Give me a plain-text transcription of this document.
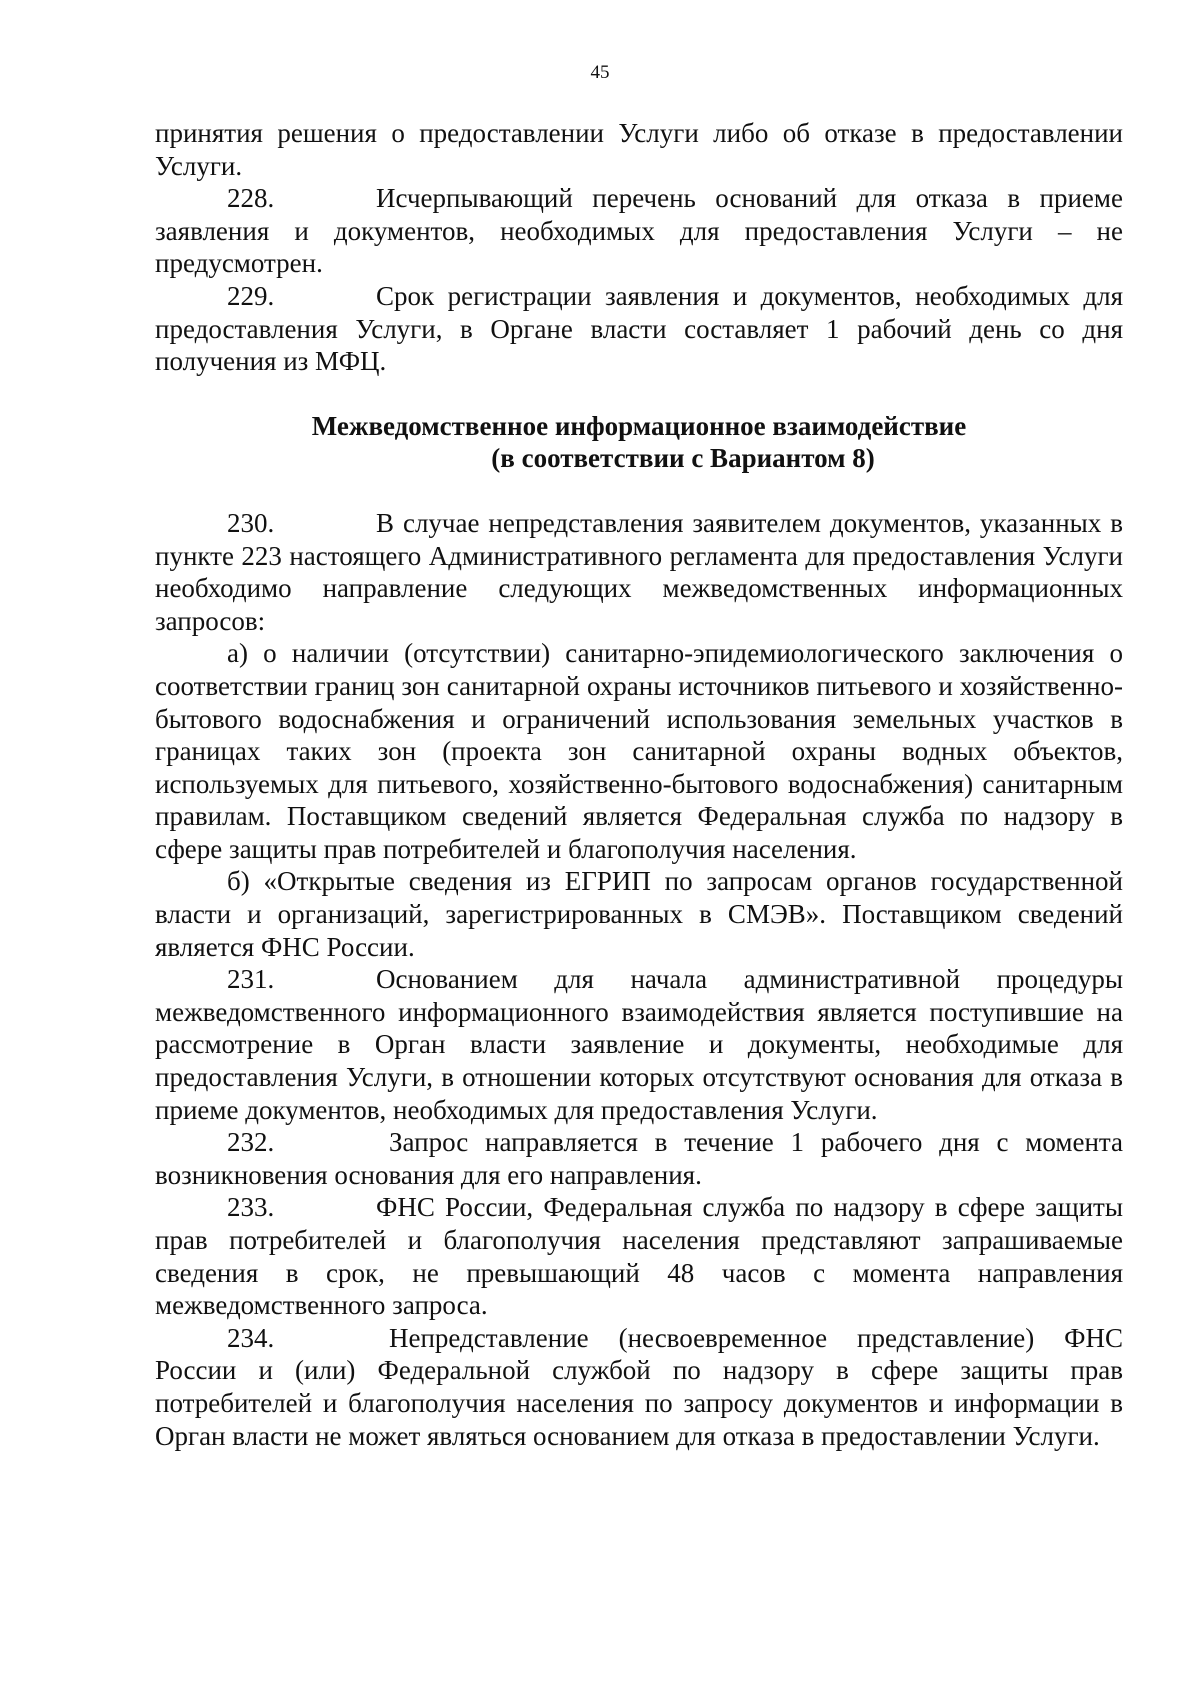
45

принятия решения о предоставлении Услуги либо об отказе в предоставлении Услуги.

228.	Исчерпывающий перечень оснований для отказа в приеме заявления и документов, необходимых для предоставления Услуги – не предусмотрен.

229.	Срок регистрации заявления и документов, необходимых для предоставления Услуги, в Органе власти составляет 1 рабочий день со дня получения из МФЦ.

Межведомственное информационное взаимодействие
(в соответствии с Вариантом 8)

230.	В случае непредставления заявителем документов, указанных в пункте 223 настоящего Административного регламента для предоставления Услуги необходимо направление следующих межведомственных информационных запросов:

а) о наличии (отсутствии) санитарно-эпидемиологического заключения о соответствии границ зон санитарной охраны источников питьевого и хозяйственно-бытового водоснабжения и ограничений использования земельных участков в границах таких зон (проекта зон санитарной охраны водных объектов, используемых для питьевого, хозяйственно-бытового водоснабжения) санитарным правилам. Поставщиком сведений является Федеральная служба по надзору в сфере защиты прав потребителей и благополучия населения.

б) «Открытые сведения из ЕГРИП по запросам органов государственной власти и организаций, зарегистрированных в СМЭВ». Поставщиком сведений является ФНС России.

231.	Основанием для начала административной процедуры межведомственного информационного взаимодействия является поступившие на рассмотрение в Орган власти заявление и документы, необходимые для предоставления Услуги, в отношении которых отсутствуют основания для отказа в приеме документов, необходимых для предоставления Услуги.

232.	Запрос направляется в течение 1 рабочего дня с момента возникновения основания для его направления.

233.	ФНС России, Федеральная служба по надзору в сфере защиты прав потребителей и благополучия населения представляют запрашиваемые сведения в срок, не превышающий 48 часов с момента направления межведомственного запроса.

234.	Непредставление (несвоевременное представление) ФНС России и (или) Федеральной службой по надзору в сфере защиты прав потребителей и благополучия населения по запросу документов и информации в Орган власти не может являться основанием для отказа в предоставлении Услуги.
